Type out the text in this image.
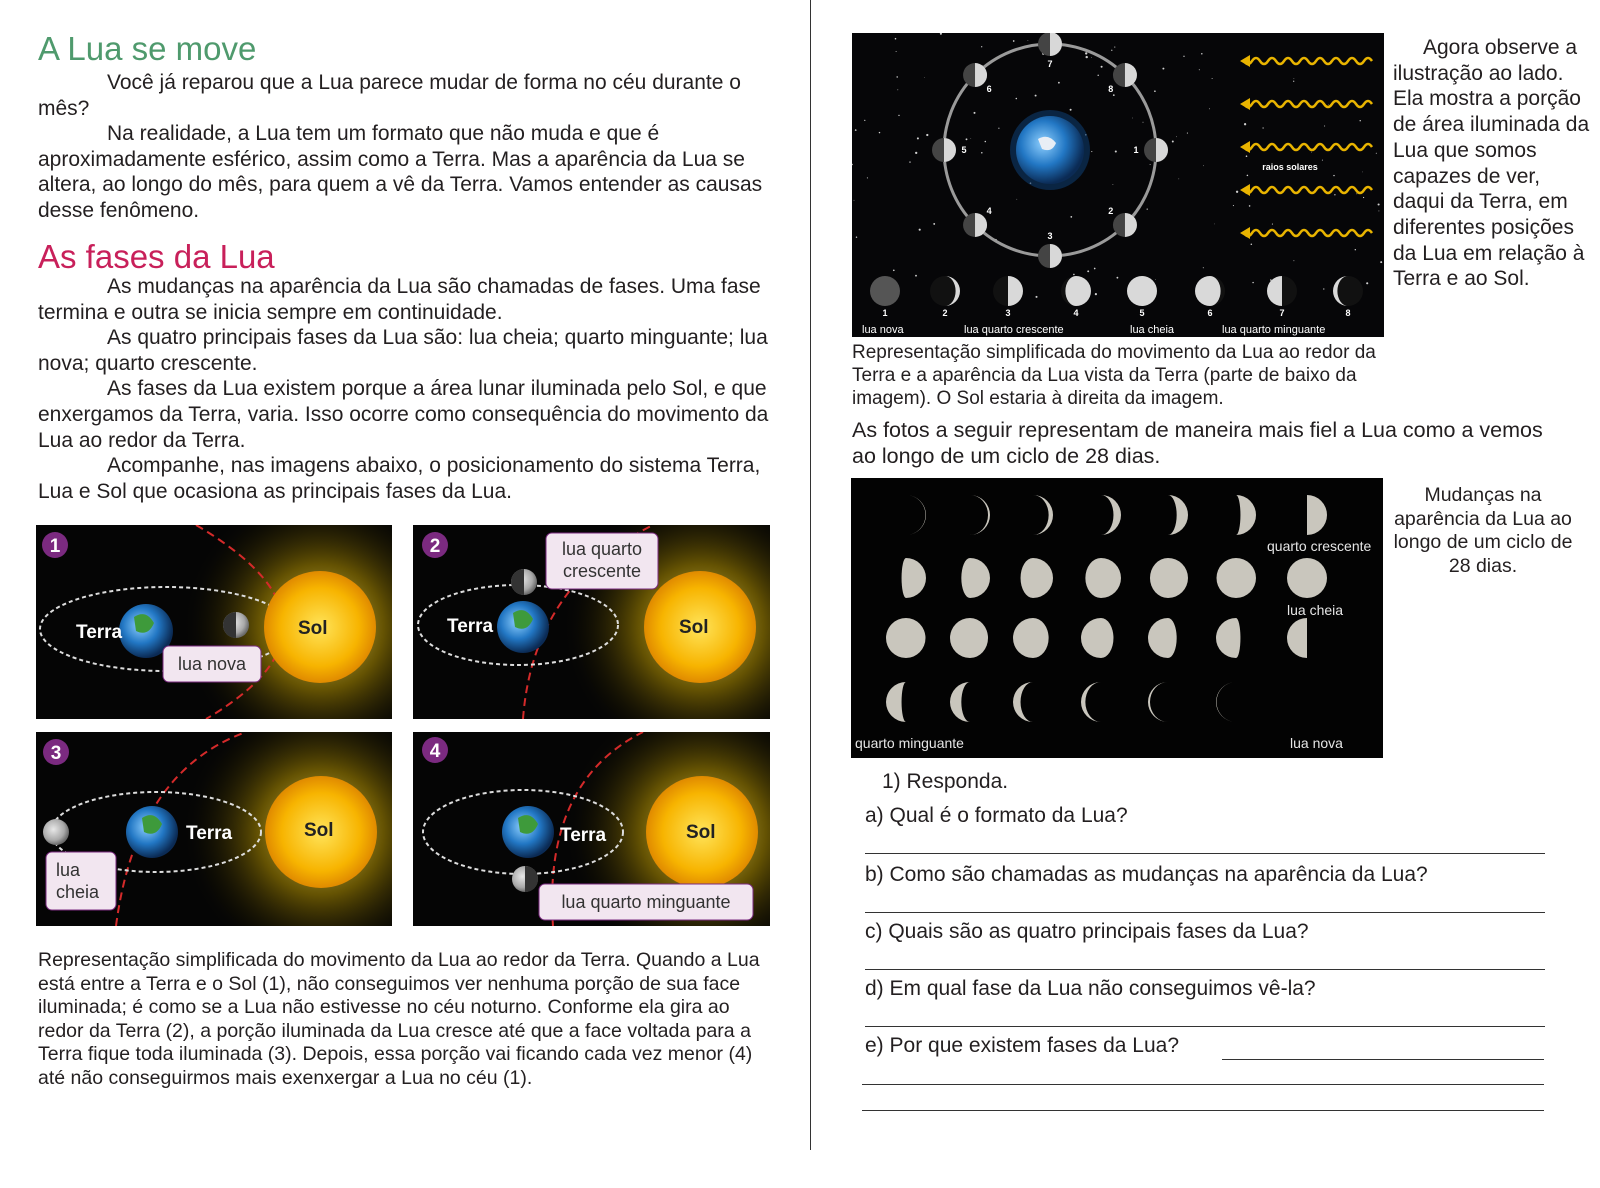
A Lua se move

Você já reparou que a Lua parece mudar de forma no céu durante o mês?

Na realidade, a Lua tem um formato que não muda e que é aproximadamente esférico, assim como a Terra. Mas a aparência da Lua se altera, ao longo do mês, para quem a vê da Terra. Vamos entender as causas desse fenômeno.

As fases da Lua

As mudanças na aparência da Lua são chamadas de fases. Uma fase termina e outra se inicia sempre em continuidade.

As quatro principais fases da Lua são: lua cheia; quarto minguante; lua nova; quarto crescente.

As fases da Lua existem porque a área lunar iluminada pelo Sol, e que enxergamos da Terra, varia. Isso ocorre como consequência do movimento da Lua ao redor da Terra.

Acompanhe, nas imagens abaixo, o posicionamento do sistema Terra, Lua e Sol que ocasiona as principais fases da Lua.

1
Terra	Sol
lua nova
2
Terra	Sol
lua quarto
crescente
3
Terra	Sol
lua
cheia
4
Terra	Sol
lua quarto minguante
Representação simplificada do movimento da Lua ao redor da Terra. Quando a Lua está entre a Terra e o Sol (1), não conseguimos ver nenhuma porção de sua face iluminada; é como se a Lua não estivesse no céu noturno. Conforme ela gira ao redor da Terra (2), a porção iluminada da Lua cresce até que a face voltada para a Terra fique toda iluminada (3). Depois, essa porção vai ficando cada vez menor (4) até não conseguirmos mais exenxergar a Lua no céu (1).
1
2
3
4
5
6
7
8
raios solares
1	2	3	4	5	6	7	8
lua nova	lua quarto crescente	lua cheia	lua quarto minguante
Agora observe a ilustração ao lado. Ela mostra a porção de área iluminada da Lua que somos capazes de ver, daqui da Terra, em diferentes posições da Lua em relação à Terra e ao Sol.
Representação simplificada do movimento da Lua ao redor da Terra e a aparência da Lua vista da Terra (parte de baixo da imagem). O Sol estaria à direita da imagem.
As fotos a seguir representam de maneira mais fiel a Lua como a vemos ao longo de um ciclo de 28 dias.
quarto crescente
lua cheia
quarto minguante	lua nova
Mudanças na aparência da Lua ao longo de um ciclo de 28 dias.
1) Responda.
a) Qual é o formato da Lua?
b) Como são chamadas as mudanças na aparência da Lua?
c) Quais são as quatro principais fases da Lua?
d) Em qual fase da Lua não conseguimos vê-la?
e) Por que existem fases da Lua?
